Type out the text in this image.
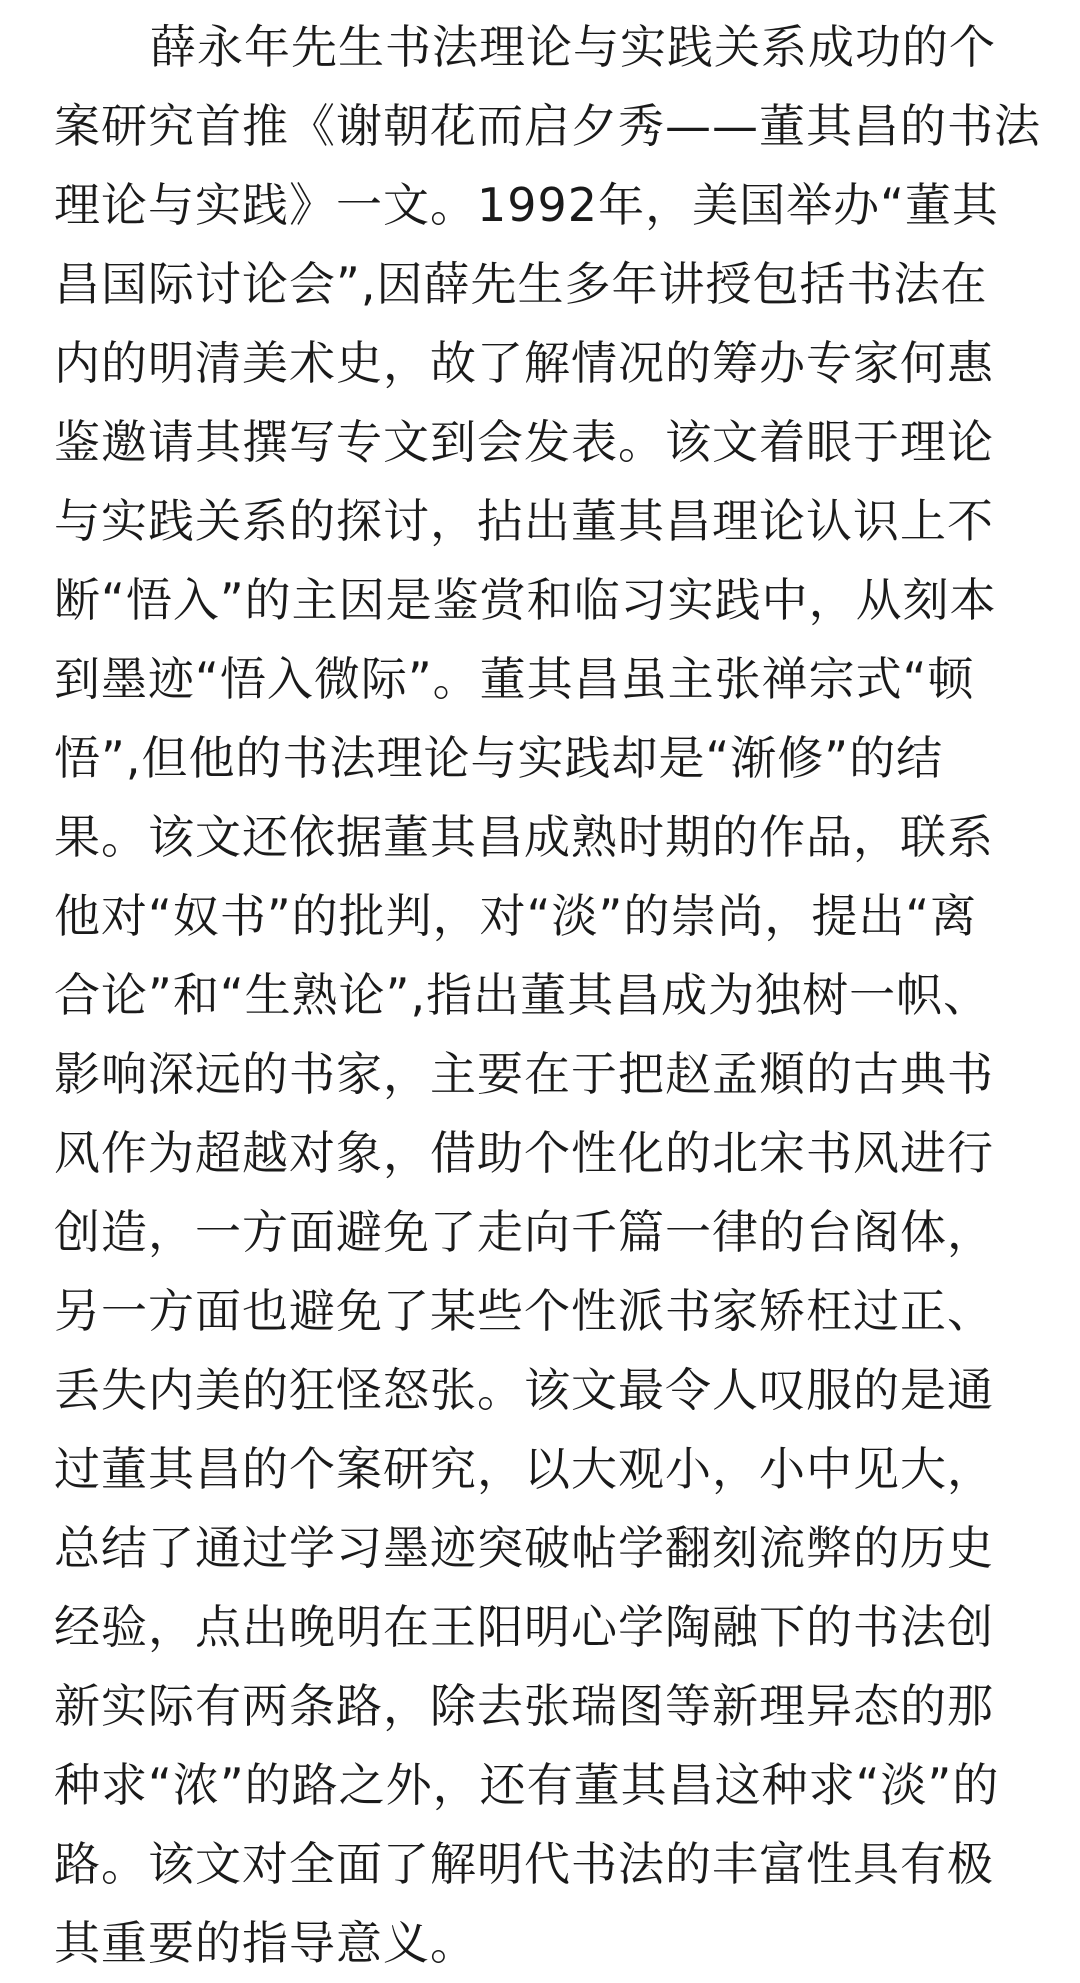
薛永年先生书法理论与实践关系成功的个
案研究首推《谢朝花而启夕秀——董其昌的书法
理论与实践》一文。1992年，美国举办“董其
昌国际讨论会”,因薛先生多年讲授包括书法在
内的明清美术史，故了解情况的筹办专家何惠
鉴邀请其撰写专文到会发表。该文着眼于理论
与实践关系的探讨，拈出董其昌理论认识上不
断“悟入”的主因是鉴赏和临习实践中，从刻本
到墨迹“悟入微际”。董其昌虽主张禅宗式“顿
悟”,但他的书法理论与实践却是“渐修”的结
果。该文还依据董其昌成熟时期的作品，联系
他对“奴书”的批判，对“淡”的崇尚，提出“离
合论”和“生熟论”,指出董其昌成为独树一帜、
影响深远的书家，主要在于把赵孟頫的古典书
风作为超越对象，借助个性化的北宋书风进行
创造，一方面避免了走向千篇一律的台阁体，
另一方面也避免了某些个性派书家矫枉过正、
丢失内美的狂怪怒张。该文最令人叹服的是通
过董其昌的个案研究，以大观小，小中见大，
总结了通过学习墨迹突破帖学翻刻流弊的历史
经验，点出晚明在王阳明心学陶融下的书法创
新实际有两条路，除去张瑞图等新理异态的那
种求“浓”的路之外，还有董其昌这种求“淡”的
路。该文对全面了解明代书法的丰富性具有极
其重要的指导意义。
